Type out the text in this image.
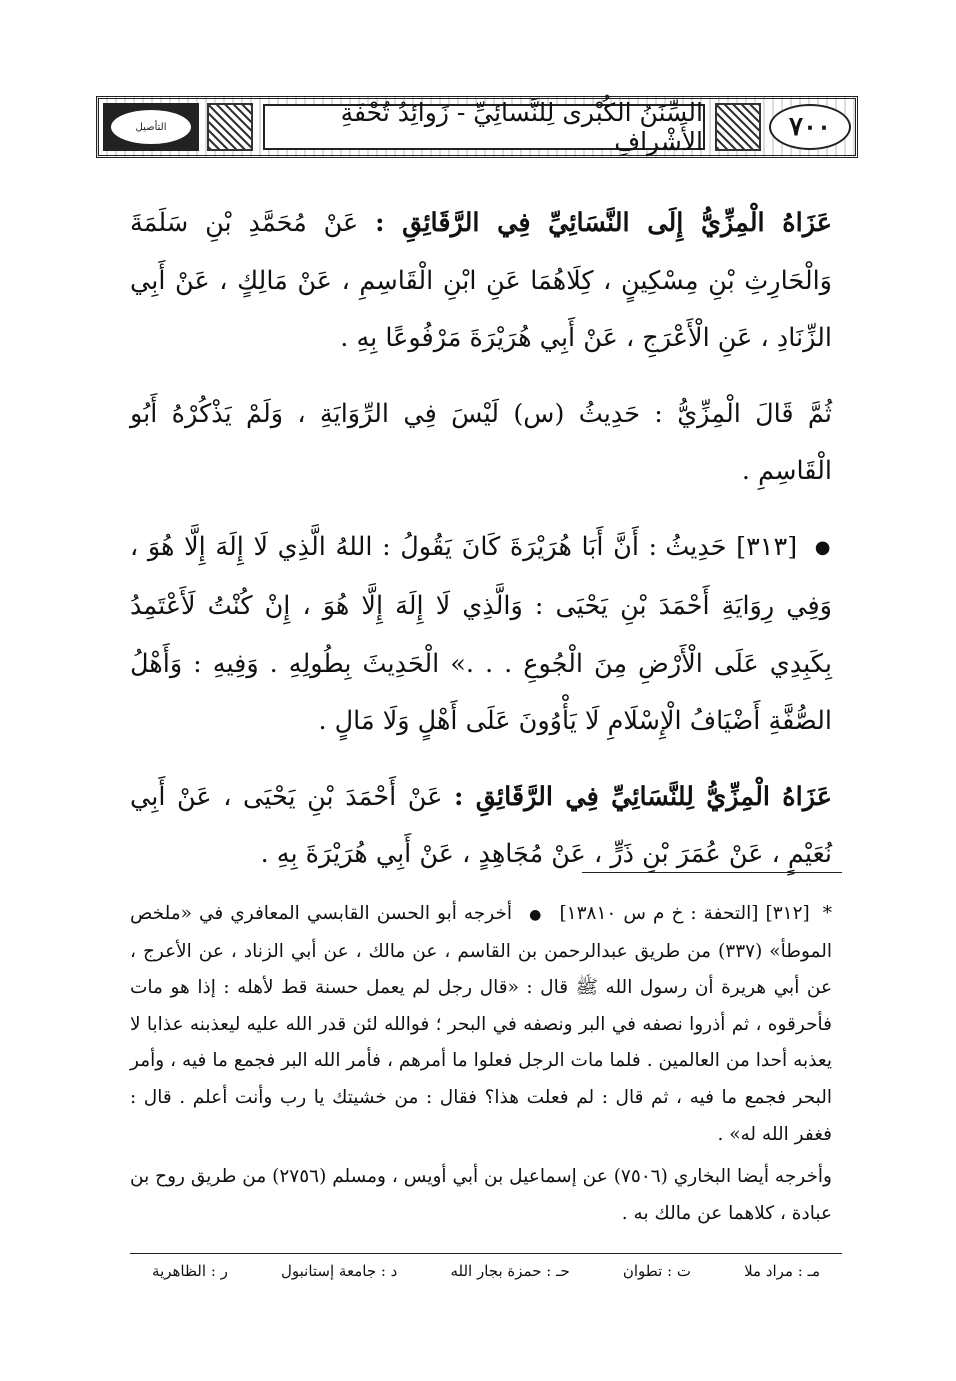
التأصيل	السِّنَنُ الكُبْرى لِلنَّسائِيِّ - زَوائِدُ تُحْفَةِ الأَشْرافِ	٧٠٠

عَزَاهُ الْمِزِّيُّ إِلَى النَّسَائِيِّ فِي الرَّقَائِقِ : عَنْ مُحَمَّدِ بْنِ سَلَمَةَ وَالْحَارِثِ بْنِ مِسْكِينٍ ، كِلَاهُمَا عَنِ ابْنِ الْقَاسِمِ ، عَنْ مَالِكٍ ، عَنْ أَبِي الزِّنَادِ ، عَنِ الْأَعْرَجِ ، عَنْ أَبِي هُرَيْرَةَ مَرْفُوعًا بِهِ .

ثُمَّ قَالَ الْمِزِّيُّ : حَدِيثُ (س) لَيْسَ فِي الرِّوَايَةِ ، وَلَمْ يَذْكُرْهُ أَبُو الْقَاسِمِ .

● [٣١٣] حَدِيثُ : أَنَّ أَبَا هُرَيْرَةَ كَانَ يَقُولُ : اللهُ الَّذِي لَا إِلَهَ إِلَّا هُوَ ، وَفِي رِوَايَةِ أَحْمَدَ بْنِ يَحْيَى : وَالَّذِي لَا إِلَهَ إِلَّا هُوَ ، إِنْ كُنْتُ لَأَعْتَمِدُ بِكَبِدِي عَلَى الْأَرْضِ مِنَ الْجُوعِ . . .» الْحَدِيثَ بِطُولِهِ . وَفِيهِ : وَأَهْلُ الصُّفَّةِ أَضْيَافُ الْإِسْلَامِ لَا يَأْوُونَ عَلَى أَهْلٍ وَلَا مَالٍ .

عَزَاهُ الْمِزِّيُّ لِلنَّسَائِيِّ فِي الرَّقَائِقِ : عَنْ أَحْمَدَ بْنِ يَحْيَى ، عَنْ أَبِي نُعَيْمٍ ، عَنْ عُمَرَ بْنِ ذَرٍّ ، عَنْ مُجَاهِدٍ ، عَنْ أَبِي هُرَيْرَةَ بِهِ .

* [٣١٢] [التحفة : خ م س ١٣٨١٠] ● أخرجه أبو الحسن القابسي المعافري في «ملخص الموطأ» (٣٣٧) من طريق عبدالرحمن بن القاسم ، عن مالك ، عن أبي الزناد ، عن الأعرج ، عن أبي هريرة أن رسول الله ﷺ قال : «قال رجل لم يعمل حسنة قط لأهله : إذا هو مات فأحرقوه ، ثم أذروا نصفه في البر ونصفه في البحر ؛ فوالله لئن قدر الله عليه ليعذبنه عذابا لا يعذبه أحدا من العالمين . فلما مات الرجل فعلوا ما أمرهم ، فأمر الله البر فجمع ما فيه ، وأمر البحر فجمع ما فيه ، ثم قال : لم فعلت هذا؟ فقال : من خشيتك يا رب وأنت أعلم . قال : فغفر الله له» .

وأخرجه أيضا البخاري (٧٥٠٦) عن إسماعيل بن أبي أويس ، ومسلم (٢٧٥٦) من طريق روح بن عبادة ، كلاهما عن مالك به .

مـ : مراد ملا
ت : تطوان
حـ : حمزة بجار الله
د : جامعة إستانبول
ر : الظاهرية
